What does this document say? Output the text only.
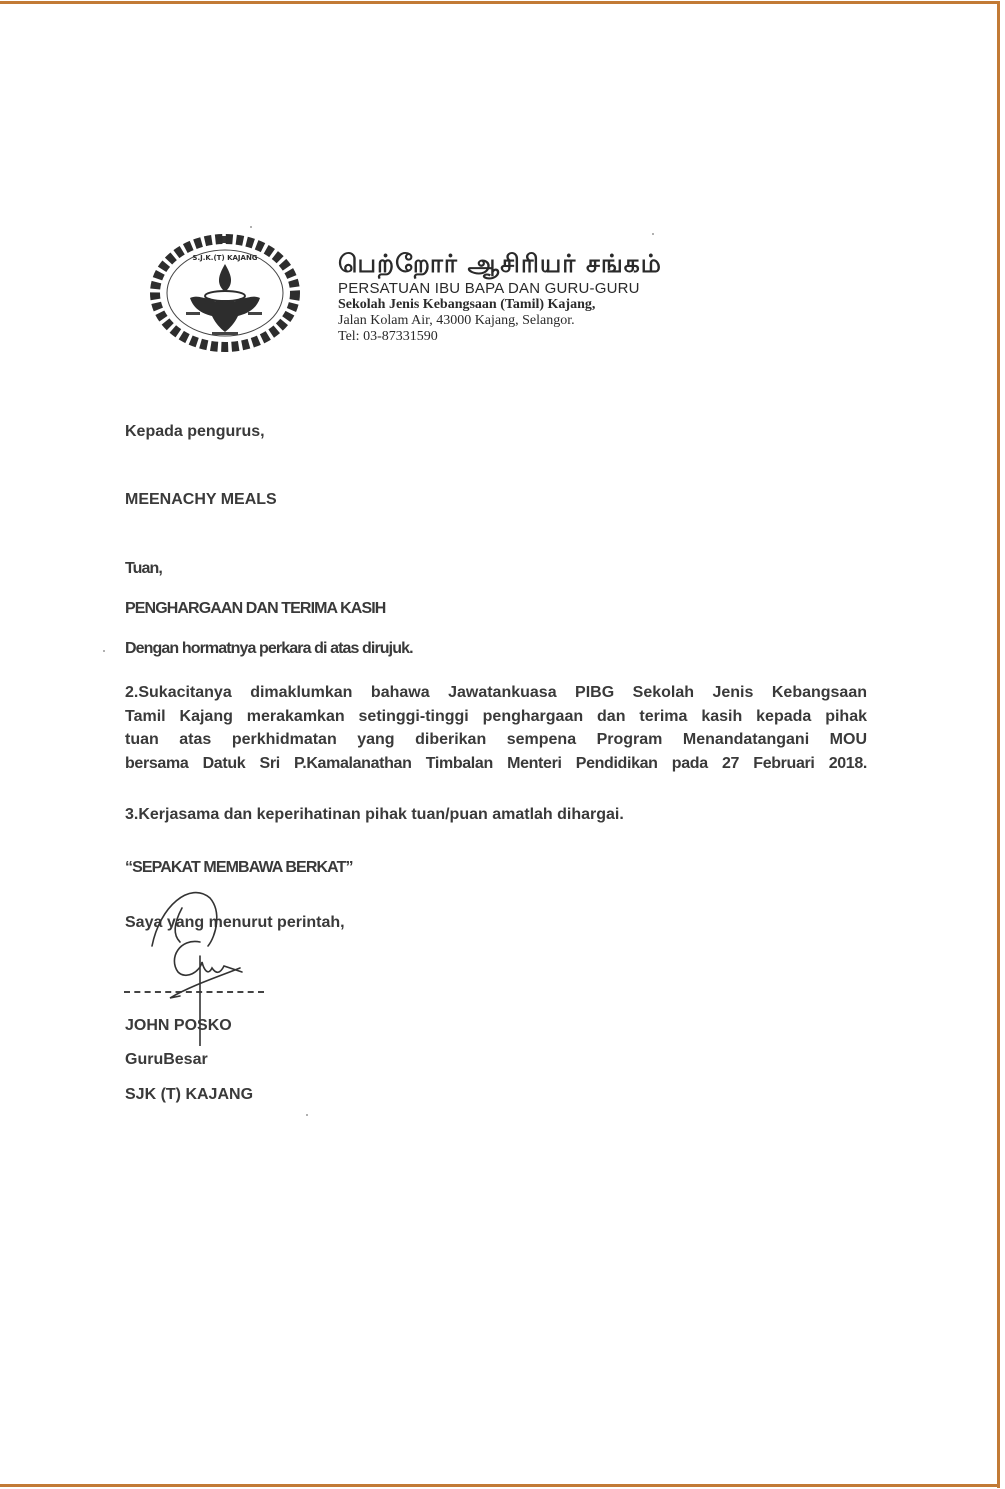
S.J.K.(T) KAJANG	பெற்றோர் ஆசிரியர் சங்கம்
PERSATUAN IBU BAPA DAN GURU-GURU
Sekolah Jenis Kebangsaan (Tamil) Kajang,
Jalan Kolam Air, 43000 Kajang, Selangor.
Tel: 03-87331590
Kepada pengurus,
MEENACHY MEALS
Tuan,
PENGHARGAAN DAN TERIMA KASIH
Dengan hormatnya perkara di atas dirujuk.
2.Sukacitanya dimaklumkan bahawa Jawatankuasa PIBG Sekolah Jenis Kebangsaan
Tamil Kajang merakamkan setinggi-tinggi penghargaan dan terima kasih kepada pihak
tuan atas perkhidmatan yang diberikan sempena Program Menandatangani MOU
bersama Datuk Sri P.Kamalanathan Timbalan Menteri Pendidikan pada 27 Februari 2018.
3.Kerjasama dan keperihatinan pihak tuan/puan amatlah dihargai.
“SEPAKAT MEMBAWA BERKAT”
Saya yang menurut perintah,
JOHN POSKO
GuruBesar
SJK (T) KAJANG
